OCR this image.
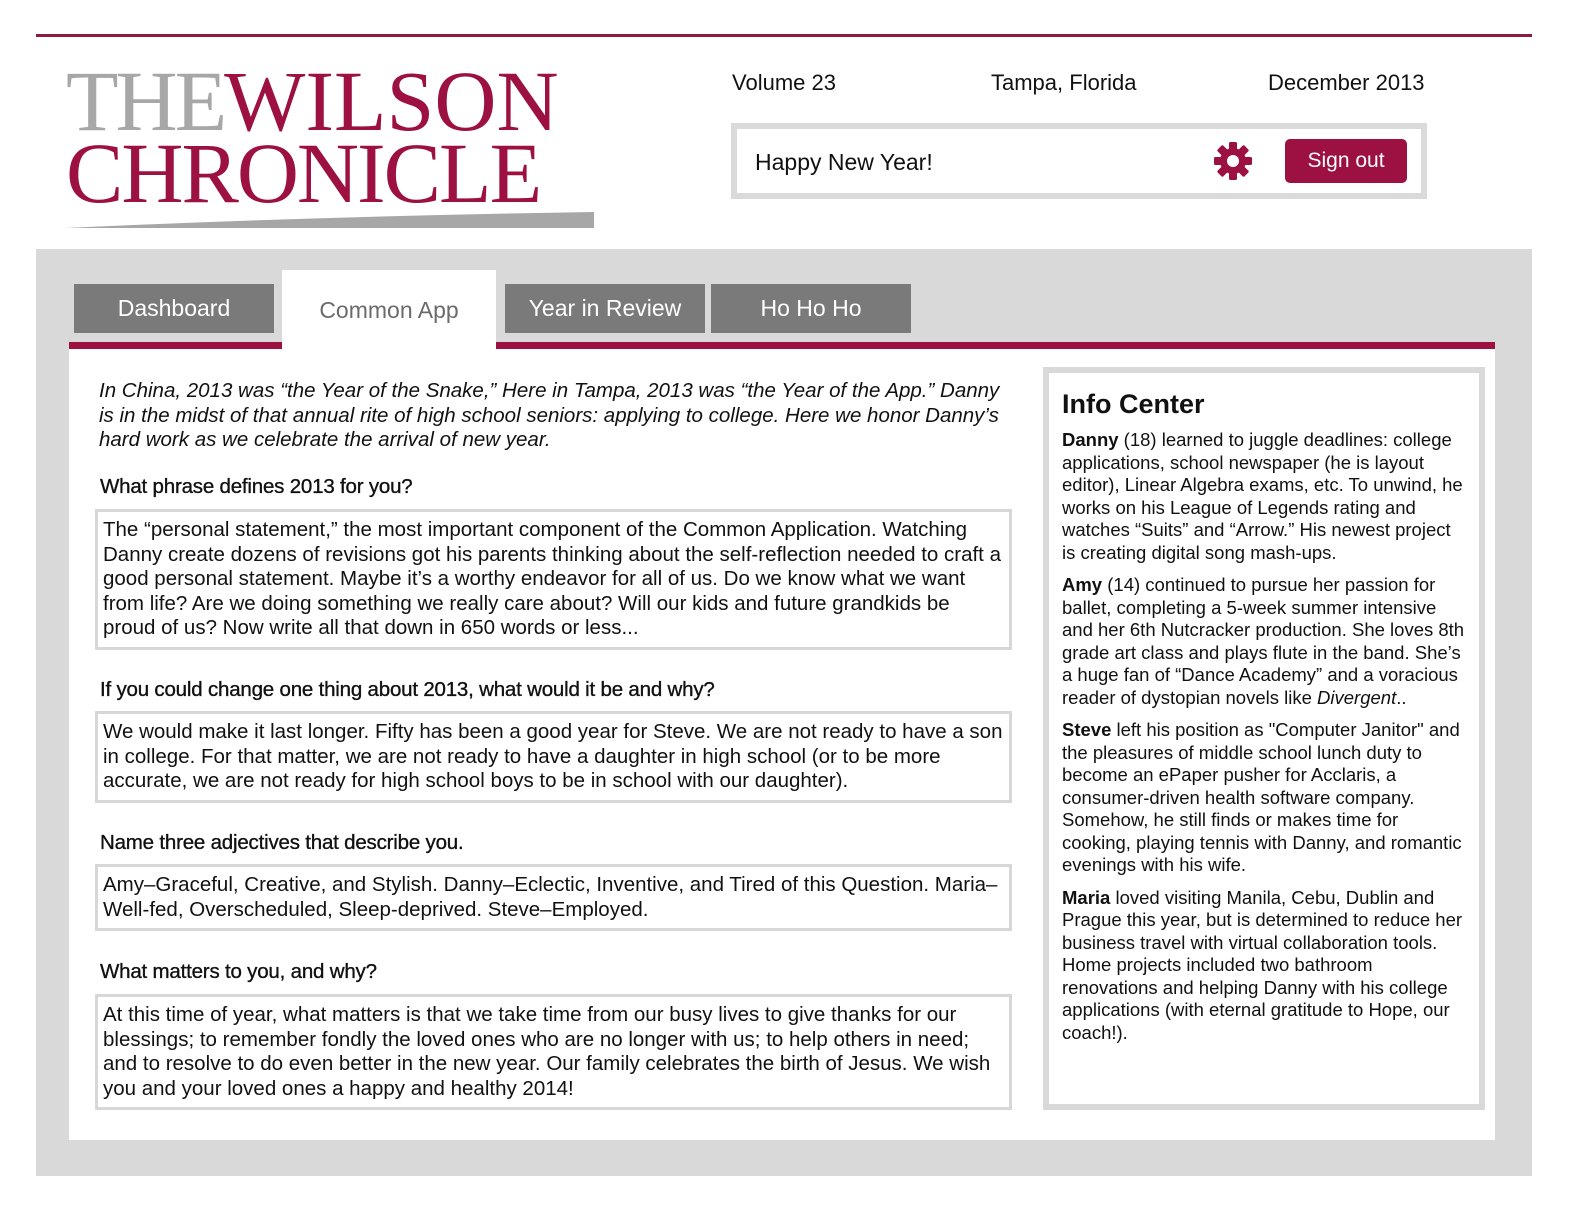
THEWILSON
CHRONICLE
Volume 23	Tampa, Florida	December 2013
Happy New Year!	Sign out
Dashboard	Common App	Year in Review	Ho Ho Ho
In China, 2013 was “the Year of the Snake,” Here in Tampa, 2013 was “the Year of the App.” Danny is in the midst of that annual rite of high school seniors: applying to college. Here we honor Danny’s hard work as we celebrate the arrival of new year.
What phrase defines 2013 for you?
The “personal statement,” the most important component of the Common Application. Watching Danny create dozens of revisions got his parents thinking about the self-reflection needed to craft a good personal statement. Maybe it’s a worthy endeavor for all of us. Do we know what we want from life? Are we doing something we really care about? Will our kids and future grandkids be proud of us? Now write all that down in 650 words or less...
If you could change one thing about 2013, what would it be and why?
We would make it last longer. Fifty has been a good year for Steve. We are not ready to have a son in college. For that matter, we are not ready to have a daughter in high school (or to be more accurate, we are not ready for high school boys to be in school with our daughter).
Name three adjectives that describe you.
Amy–Graceful, Creative, and Stylish. Danny–Eclectic, Inventive, and Tired of this Question. Maria–Well-fed, Overscheduled, Sleep-deprived. Steve–Employed.
What matters to you, and why?
At this time of year, what matters is that we take time from our busy lives to give thanks for our blessings; to remember fondly the loved ones who are no longer with us; to help others in need; and to resolve to do even better in the new year. Our family celebrates the birth of Jesus. We wish you and your loved ones a happy and healthy 2014!
Info Center

Danny (18) learned to juggle deadlines: college applications, school newspaper (he is layout editor), Linear Algebra exams, etc. To unwind, he works on his League of Legends rating and watches “Suits” and “Arrow.” His newest project is creating digital song mash-ups.

Amy (14) continued to pursue her passion for ballet, completing a 5-week summer intensive and her 6th Nutcracker production. She loves 8th grade art class and plays flute in the band. She’s a huge fan of “Dance Academy” and a voracious reader of dystopian novels like Divergent..

Steve left his position as "Computer Janitor" and the pleasures of middle school lunch duty to become an ePaper pusher for Acclaris, a consumer-driven health software company. Somehow, he still finds or makes time for cooking, playing tennis with Danny, and romantic evenings with his wife.

Maria loved visiting Manila, Cebu, Dublin and Prague this year, but is determined to reduce her business travel with virtual collaboration tools. Home projects included two bathroom renovations and helping Danny with his college applications (with eternal gratitude to Hope, our coach!).
